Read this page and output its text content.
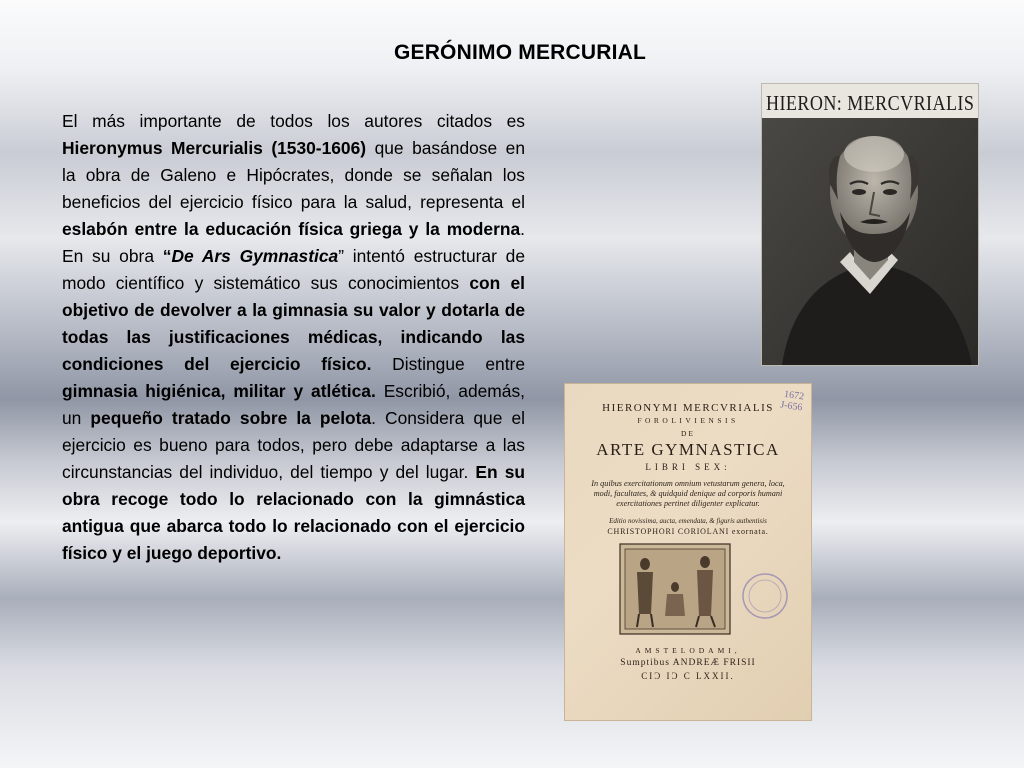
GERÓNIMO MERCURIAL
El más importante de todos los autores citados es Hieronymus Mercurialis (1530-1606) que basándose en la obra de Galeno e Hipócrates, donde se señalan los beneficios del ejercicio físico para la salud, representa el eslabón entre la educación física griega y la moderna. En su obra “De Ars Gymnastica” intentó estructurar de modo científico y sistemático sus conocimientos con el objetivo de devolver a la gimnasia su valor y dotarla de todas las justificaciones médicas, indicando las condiciones del ejercicio físico. Distingue entre gimnasia higiénica, militar y atlética. Escribió, además, un pequeño tratado sobre la pelota. Considera que el ejercicio es bueno para todos, pero debe adaptarse a las circunstancias del individuo, del tiempo y del lugar. En su obra recoge todo lo relacionado con la gimnástica antigua que abarca todo lo relacionado con el ejercicio físico y el juego deportivo.
HIERON: MERCVRIALIS
HIERONYMI MERCVRIALIS
FOROLIVIENSIS
DE
ARTE GYMNASTICA
LIBRI SEX:
In quibus exercitationum omnium vetustarum genera, loca, modi, facultates, & quidquid denique ad corporis humani exercitationes pertinet diligenter explicatur.
Editio novissima, aucta, emendata, & figuris authentisis
CHRISTOPHORI CORIOLANI exornata.
AMSTELODAMI,
Sumptibus ANDREÆ FRISII
CIƆ IƆ C LXXII.
1672
J-656
